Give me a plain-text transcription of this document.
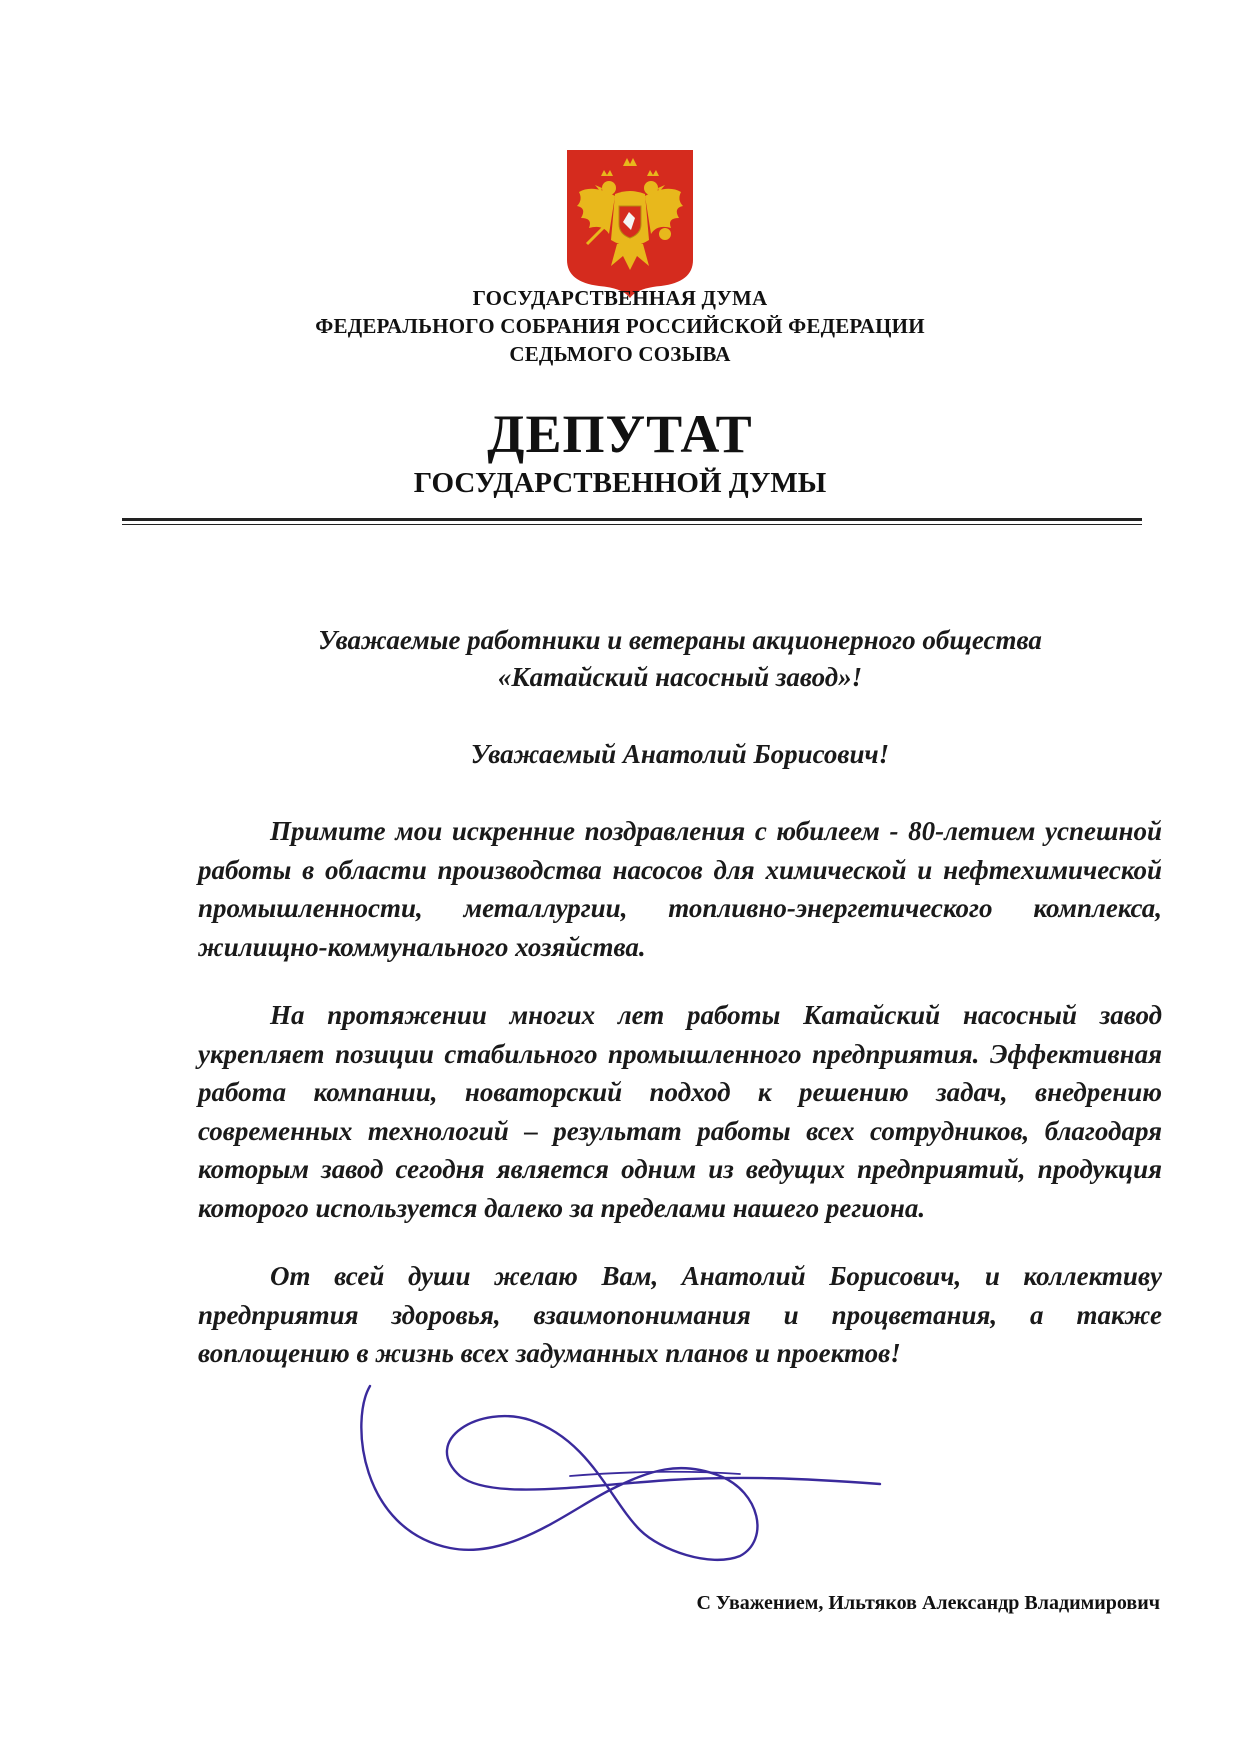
ГОСУДАРСТВЕННАЯ ДУМА
ФЕДЕРАЛЬНОГО СОБРАНИЯ РОССИЙСКОЙ ФЕДЕРАЦИИ
СЕДЬМОГО СОЗЫВА
ДЕПУТАТ
ГОСУДАРСТВЕННОЙ ДУМЫ
Уважаемые работники и ветераны акционерного общества
«Катайский насосный завод»!
Уважаемый Анатолий Борисович!

Примите мои искренние поздравления с юбилеем - 80-летием успешной работы в области производства насосов для химической и нефтехимической промышленности, металлургии, топливно-энергетического комплекса, жилищно-коммунального хозяйства.

На протяжении многих лет работы Катайский насосный завод укрепляет позиции стабильного промышленного предприятия. Эффективная работа компании, новаторский подход к решению задач, внедрению современных технологий – результат работы всех сотрудников, благодаря которым завод сегодня является одним из ведущих предприятий, продукция которого используется далеко за пределами нашего региона.

От всей души желаю Вам, Анатолий Борисович, и коллективу предприятия здоровья, взаимопонимания и процветания, а также воплощению в жизнь всех задуманных планов и проектов!

С Уважением, Ильтяков Александр Владимирович
